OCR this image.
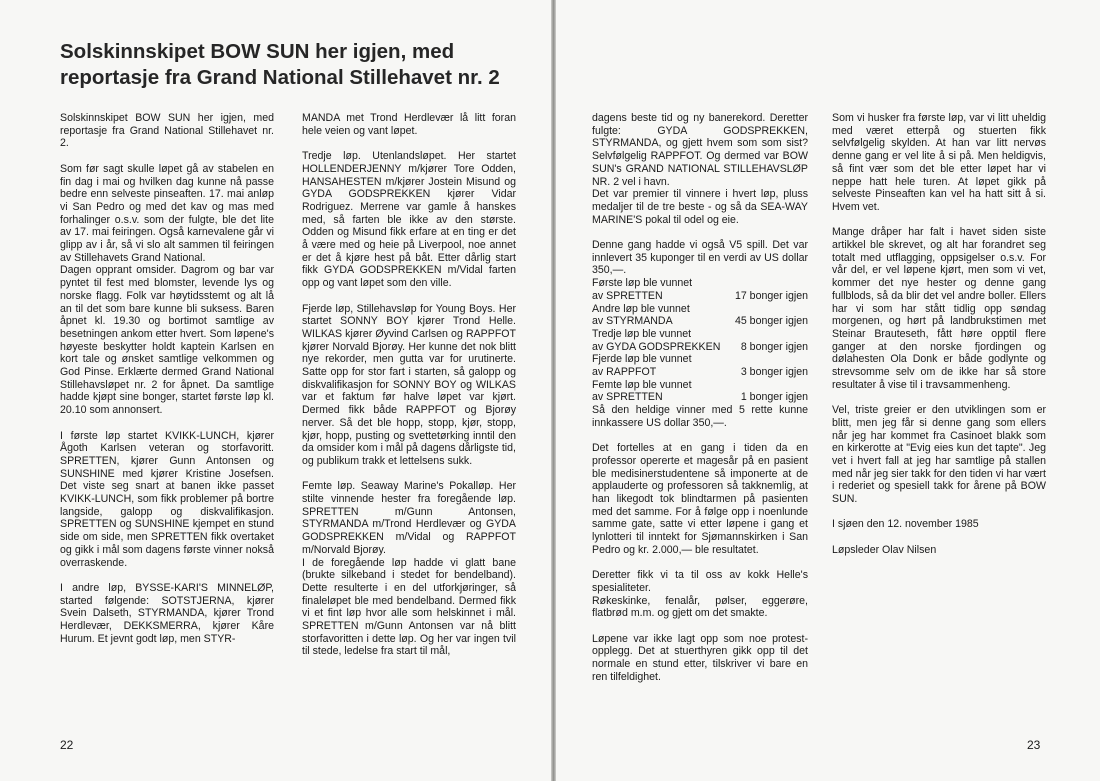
Solskinnskipet BOW SUN her igjen, med reportasje fra Grand National Stillehavet nr. 2

Solskinnskipet BOW SUN her igjen, med reportasje fra Grand National Stillehavet nr. 2.

Som før sagt skulle løpet gå av stabelen en fin dag i mai og hvilken dag kunne nå passe bedre enn selveste pinseaften. 17. mai anløp vi San Pedro og med det kav og mas med forhalinger o.s.v. som der fulgte, ble det lite av 17. mai feiringen. Også karnevalene går vi glipp av i år, så vi slo alt sammen til feiringen av Stillehavets Grand National.
Dagen opprant omsider. Dagrom og bar var pyntet til fest med blomster, levende lys og norske flagg. Folk var høytidsstemt og alt lå an til det som bare kunne bli suksess. Baren åpnet kl. 19.30 og bortimot samtlige av besetningen ankom etter hvert. Som løpene's høyeste beskytter holdt kaptein Karlsen en kort tale og ønsket samtlige velkommen og God Pinse. Erklærte dermed Grand National Stillehavsløpet nr. 2 for åpnet. Da samtlige hadde kjøpt sine bonger, startet første løp kl. 20.10 som annonsert.

I første løp startet KVIKK-LUNCH, kjører Ågoth Karlsen veteran og storfavoritt. SPRETTEN, kjører Gunn Antonsen og SUNSHINE med kjører Kristine Josefsen. Det viste seg snart at banen ikke passet KVIKK-LUNCH, som fikk problemer på bortre langside, galopp og diskvalifikasjon. SPRETTEN og SUNSHINE kjempet en stund side om side, men SPRETTEN fikk overtaket og gikk i mål som dagens første vinner nokså overraskende.

I andre løp, BYSSE-KARI'S MINNELØP, started følgende: SOTSTJERNA, kjører Svein Dalseth, STYRMANDA, kjører Trond Herdlevær, DEKKSMERRA, kjører Kåre Hurum. Et jevnt godt løp, men STYR-

MANDA met Trond Herdlevær lå litt foran hele veien og vant løpet.

Tredje løp. Utenlandsløpet. Her startet HOLLENDERJENNY m/kjører Tore Odden, HANSAHESTEN m/kjører Jostein Misund og GYDA GODSPREKKEN kjører Vidar Rodriguez. Merrene var gamle å hanskes med, så farten ble ikke av den største. Odden og Misund fikk erfare at en ting er det å være med og heie på Liverpool, noe annet er det å kjøre hest på båt. Etter dårlig start fikk GYDA GODSPREKKEN m/Vidal farten opp og vant løpet som den ville.

Fjerde løp, Stillehavsløp for Young Boys. Her startet SONNY BOY kjører Trond Helle. WILKAS kjører Øyvind Carlsen og RAPPFOT kjører Norvald Bjorøy. Her kunne det nok blitt nye rekorder, men gutta var for urutinerte. Satte opp for stor fart i starten, så galopp og diskvalifikasjon for SONNY BOY og WILKAS var et faktum før halve løpet var kjørt. Dermed fikk både RAPPFOT og Bjorøy nerver. Så det ble hopp, stopp, kjør, stopp, kjør, hopp, pusting og svettetørking inntil den da omsider kom i mål på dagens dårligste tid, og publikum trakk et lettelsens sukk.

Femte løp. Seaway Marine's Pokalløp. Her stilte vinnende hester fra foregående løp. SPRETTEN m/Gunn Antonsen, STYRMANDA m/Trond Herdlevær og GYDA GODSPREKKEN m/Vidal og RAPPFOT m/Norvald Bjorøy.
I de foregående løp hadde vi glatt bane (brukte silkeband i stedet for bendelband). Dette resulterte i en del utforkjøringer, så finaleløpet ble med bendelband. Dermed fikk vi et fint løp hvor alle som helskinnet i mål. SPRETTEN m/Gunn Antonsen var nå blitt storfavoritten i dette løp. Og her var ingen tvil til stede, ledelse fra start til mål,

dagens beste tid og ny banerekord. Deretter fulgte: GYDA GODSPREKKEN, STYRMANDA, og gjett hvem som som sist? Selvfølgelig RAPPFOT. Og dermed var BOW SUN's GRAND NATIONAL STILLEHAVSLØP NR. 2 vel i havn.
Det var premier til vinnere i hvert løp, pluss medaljer til de tre beste - og så da SEA-WAY MARINE'S pokal til odel og eie.

Denne gang hadde vi også V5 spill. Det var innlevert 35 kuponger til en verdi av US dollar 350,—.

Første løp ble vunnet
av SPRETTEN	17 bonger igjen
Andre løp ble vunnet
av STYRMANDA	45 bonger igjen
Tredje løp ble vunnet
av GYDA GODSPREKKEN 8 bonger igjen
Fjerde løp ble vunnet
av RAPPFOT	3 bonger igjen
Femte løp ble vunnet
av SPRETTEN	1 bonger igjen

Så den heldige vinner med 5 rette kunne innkassere US dollar 350,—.

Det fortelles at en gang i tiden da en professor opererte et magesår på en pasient ble medisinerstudentene så imponerte at de applauderte og professoren så takknemlig, at han likegodt tok blindtarmen på pasienten med det samme. For å følge opp i noenlunde samme gate, satte vi etter løpene i gang et lynlotteri til inntekt for Sjømannskirken i San Pedro og kr. 2.000,— ble resultatet.

Deretter fikk vi ta til oss av kokk Helle's spesialiteter.
Røkeskinke, fenalår, pølser, eggerøre, flatbrød m.m. og gjett om det smakte.

Løpene var ikke lagt opp som noe protest-opplegg. Det at stuerthyren gikk opp til det normale en stund etter, tilskriver vi bare en ren tilfeldighet.

Som vi husker fra første løp, var vi litt uheldig med været etterpå og stuerten fikk selvfølgelig skylden. At han var litt nervøs denne gang er vel lite å si på. Men heldigvis, så fint vær som det ble etter løpet har vi neppe hatt hele turen. At løpet gikk på selveste Pinseaften kan vel ha hatt sitt å si. Hvem vet.

Mange dråper har falt i havet siden siste artikkel ble skrevet, og alt har forandret seg totalt med utflagging, oppsigelser o.s.v. For vår del, er vel løpene kjørt, men som vi vet, kommer det nye hester og denne gang fullblods, så da blir det vel andre boller. Ellers har vi som har stått tidlig opp søndag morgenen, og hørt på landbrukstimen met Steinar Brauteseth, fått høre opptil flere ganger at den norske fjordingen og dølahesten Ola Donk er både godlynte og strevsomme selv om de ikke har så store resultater å vise til i travsammenheng.

Vel, triste greier er den utviklingen som er blitt, men jeg får si denne gang som ellers når jeg har kommet fra Casinoet blakk som en kirkerotte at "Evig eies kun det tapte". Jeg vet i hvert fall at jeg har samtlige på stallen med når jeg sier takk for den tiden vi har vært i rederiet og spesiell takk for årene på BOW SUN.

I sjøen den 12. november 1985

Løpsleder Olav Nilsen

22	23
